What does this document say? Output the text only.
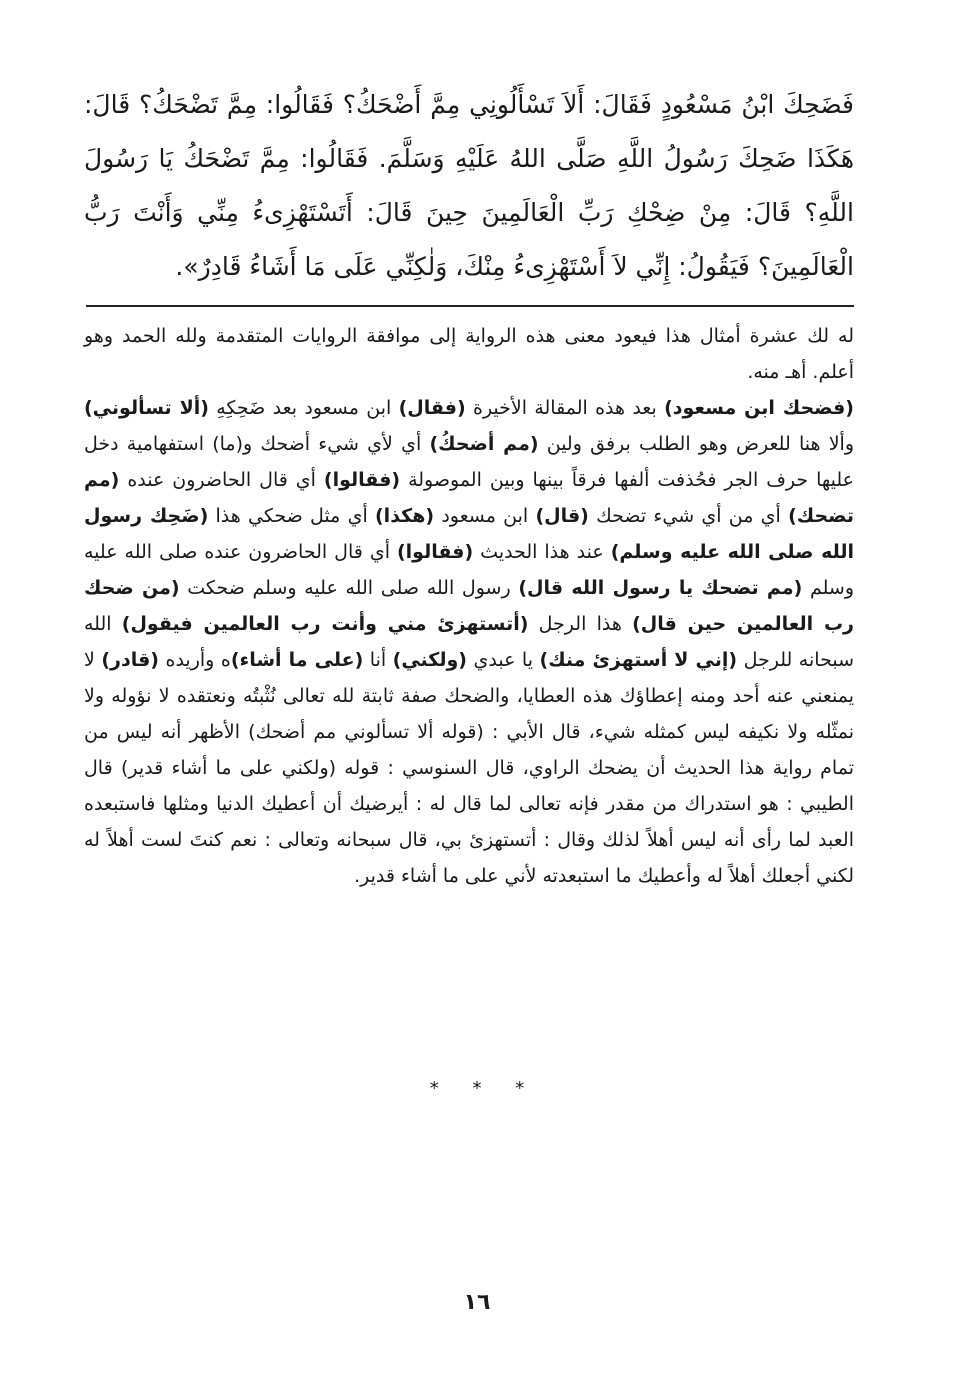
فَضَحِكَ ابْنُ مَسْعُودٍ فَقَالَ: أَلاَ تَسْأَلُونِي مِمَّ أَضْحَكُ؟ فَقَالُوا: مِمَّ تَضْحَكُ؟ قَالَ: هَكَذَا ضَحِكَ رَسُولُ اللَّهِ صَلَّى اللهُ عَلَيْهِ وَسَلَّمَ. فَقَالُوا: مِمَّ تَضْحَكُ يَا رَسُولَ اللَّهِ؟ قَالَ: مِنْ ضِحْكِ رَبِّ الْعَالَمِينَ حِينَ قَالَ: أَتَسْتَهْزِىءُ مِنِّي وَأَنْتَ رَبُّ الْعَالَمِينَ؟ فَيَقُولُ: إِنِّي لاَ أَسْتَهْزِىءُ مِنْكَ، وَلٰكِنِّي عَلَى مَا أَشَاءُ قَادِرٌ».

له لك عشرة أمثال هذا فيعود معنى هذه الرواية إلى موافقة الروايات المتقدمة ولله الحمد وهو أعلم. أهـ منه.

(فضحك ابن مسعود) بعد هذه المقالة الأخيرة (فقال) ابن مسعود بعد ضَحِكِهِ (ألا تسألوني) وألا هنا للعرض وهو الطلب برفق ولين (مم أضحكُ) أي لأي شيء أضحك و(ما) استفهامية دخل عليها حرف الجر فحُذفت ألفها فرقاً بينها وبين الموصولة (فقالوا) أي قال الحاضرون عنده (مم تضحك) أي من أي شيء تضحك (قال) ابن مسعود (هكذا) أي مثل ضحكي هذا (ضَحِك رسول الله صلى الله عليه وسلم) عند هذا الحديث (فقالوا) أي قال الحاضرون عنده صلى الله عليه وسلم (مم تضحك يا رسول الله قال) رسول الله صلى الله عليه وسلم ضحكت (من ضحك رب العالمين حين قال) هذا الرجل (أتستهزئ مني وأنت رب العالمين فيقول) الله سبحانه للرجل (إني لا أستهزئ منك) يا عبدي (ولكني) أنا (على ما أشاء)ه وأريده (قادر) لا يمنعني عنه أحد ومنه إعطاؤك هذه العطايا، والضحك صفة ثابتة لله تعالى نُثْبتُه ونعتقده لا نؤوله ولا نمثّله ولا نكيفه ليس كمثله شيء، قال الأبي : (قوله ألا تسألوني مم أضحك) الأظهر أنه ليس من تمام رواية هذا الحديث أن يضحك الراوي، قال السنوسي : قوله (ولكني على ما أشاء قدير) قال الطيبي : هو استدراك من مقدر فإنه تعالى لما قال له : أيرضيك أن أعطيك الدنيا ومثلها فاستبعده العبد لما رأى أنه ليس أهلاً لذلك وقال : أتستهزئ بي، قال سبحانه وتعالى : نعم كنتَ لست أهلاً له لكني أجعلك أهلاً له وأعطيك ما استبعدته لأني على ما أشاء قدير.

* * *
١٦
